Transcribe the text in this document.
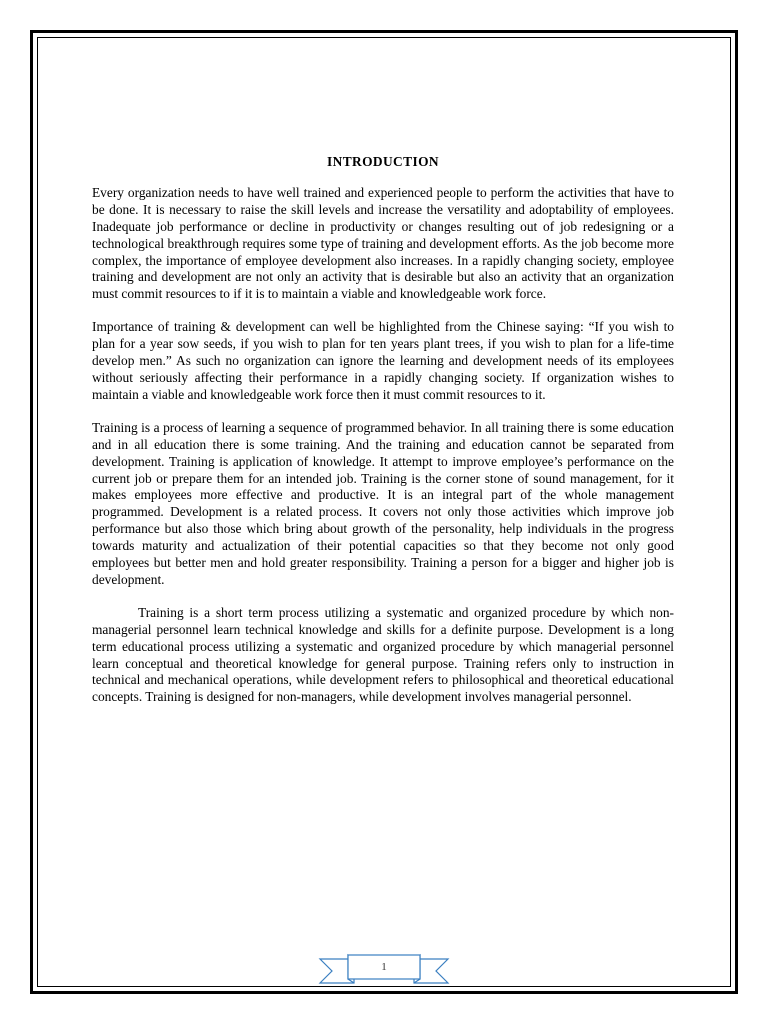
INTRODUCTION

Every organization needs to have well trained and experienced people to perform the activities that have to be done. It is necessary to raise the skill levels and increase the versatility and adoptability of employees. Inadequate job performance or decline in productivity or changes resulting out of job redesigning or a technological breakthrough requires some type of training and development efforts. As the job become more complex, the importance of employee development also increases. In a rapidly changing society, employee training and development are not only an activity that is desirable but also an activity that an organization must commit resources to if it is to maintain a viable and knowledgeable work force.

Importance of training & development can well be highlighted from the Chinese saying: “If you wish to plan for a year sow seeds, if you wish to plan for ten years plant trees, if you wish to plan for a life-time develop men.” As such no organization can ignore the learning and development needs of its employees without seriously affecting their performance in a rapidly changing society. If organization wishes to maintain a viable and knowledgeable work force then it must commit resources to it.

Training is a process of learning a sequence of programmed behavior. In all training there is some education and in all education there is some training. And the training and education cannot be separated from development. Training is application of knowledge. It attempt to improve employee’s performance on the current job or prepare them for an intended job. Training is the corner stone of sound management, for it makes employees more effective and productive. It is an integral part of the whole management programmed. Development is a related process. It covers not only those activities which improve job performance but also those which bring about growth of the personality, help individuals in the progress towards maturity and actualization of their potential capacities so that they become not only good employees but better men and hold greater responsibility. Training a person for a bigger and higher job is development.

Training is a short term process utilizing a systematic and organized procedure by which non-managerial personnel learn technical knowledge and skills for a definite purpose. Development is a long term educational process utilizing a systematic and organized procedure by which managerial personnel learn conceptual and theoretical knowledge for general purpose. Training refers only to instruction in technical and mechanical operations, while development refers to philosophical and theoretical educational concepts. Training is designed for non-managers, while development involves managerial personnel.

1
